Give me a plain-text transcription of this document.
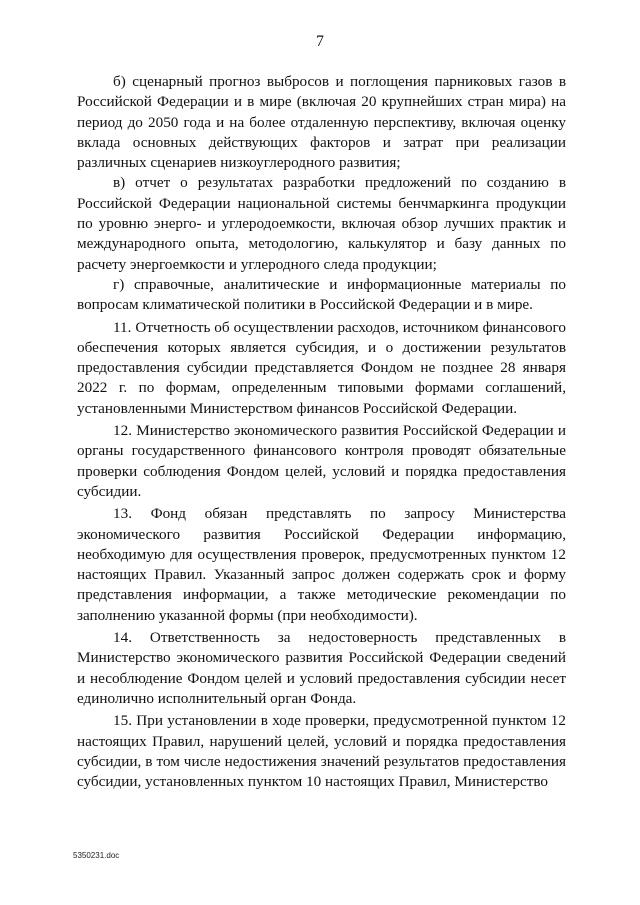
7

б) сценарный прогноз выбросов и поглощения парниковых газов в Российской Федерации и в мире (включая 20 крупнейших стран мира) на период до 2050 года и на более отдаленную перспективу, включая оценку вклада основных действующих факторов и затрат при реализации различных сценариев низкоуглеродного развития;

в) отчет о результатах разработки предложений по созданию в Российской Федерации национальной системы бенчмаркинга продукции по уровню энерго- и углеродоемкости, включая обзор лучших практик и международного опыта, методологию, калькулятор и базу данных по расчету энергоемкости и углеродного следа продукции;

г) справочные, аналитические и информационные материалы по вопросам климатической политики в Российской Федерации и в мире.

11. Отчетность об осуществлении расходов, источником финансового обеспечения которых является субсидия, и о достижении результатов предоставления субсидии представляется Фондом не позднее 28 января 2022 г. по формам, определенным типовыми формами соглашений, установленными Министерством финансов Российской Федерации.

12. Министерство экономического развития Российской Федерации и органы государственного финансового контроля проводят обязательные проверки соблюдения Фондом целей, условий и порядка предоставления субсидии.

13. Фонд обязан представлять по запросу Министерства экономического развития Российской Федерации информацию, необходимую для осуществления проверок, предусмотренных пунктом 12 настоящих Правил. Указанный запрос должен содержать срок и форму представления информации, а также методические рекомендации по заполнению указанной формы (при необходимости).

14. Ответственность за недостоверность представленных в Министерство экономического развития Российской Федерации сведений и несоблюдение Фондом целей и условий предоставления субсидии несет единолично исполнительный орган Фонда.

15. При установлении в ходе проверки, предусмотренной пунктом 12 настоящих Правил, нарушений целей, условий и порядка предоставления субсидии, в том числе недостижения значений результатов предоставления субсидии, установленных пунктом 10 настоящих Правил, Министерство

5350231.doc
